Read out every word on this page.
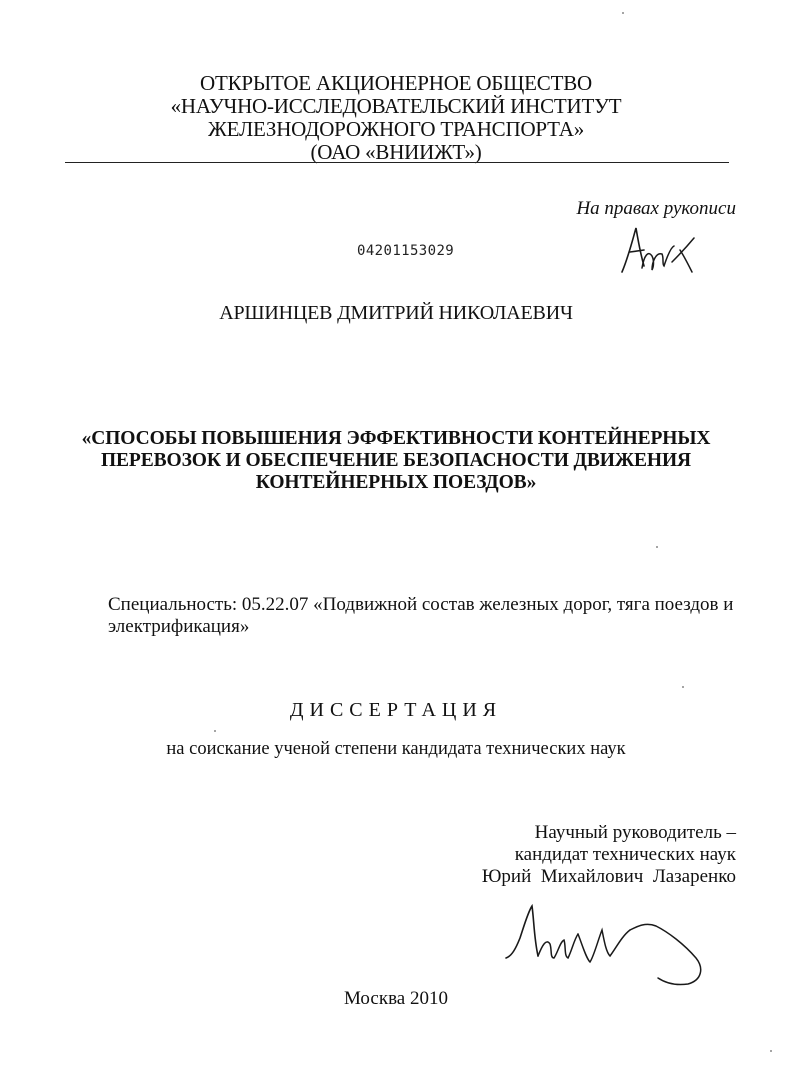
ОТКРЫТОЕ АКЦИОНЕРНОЕ ОБЩЕСТВО
«НАУЧНО-ИССЛЕДОВАТЕЛЬСКИЙ ИНСТИТУТ
ЖЕЛЕЗНОДОРОЖНОГО ТРАНСПОРТА»
(ОАО «ВНИИЖТ»)
На правах рукописи
04201153029
АРШИНЦЕВ ДМИТРИЙ НИКОЛАЕВИЧ
«СПОСОБЫ ПОВЫШЕНИЯ ЭФФЕКТИВНОСТИ КОНТЕЙНЕРНЫХ
ПЕРЕВОЗОК И ОБЕСПЕЧЕНИЕ БЕЗОПАСНОСТИ ДВИЖЕНИЯ
КОНТЕЙНЕРНЫХ ПОЕЗДОВ»
Специальность: 05.22.07 «Подвижной состав железных дорог, тяга поездов и
электрификация»
ДИССЕРТАЦИЯ
на соискание ученой степени кандидата технических наук
Научный руководитель –
кандидат технических наук
Юрий  Михайлович  Лазаренко
Москва 2010
